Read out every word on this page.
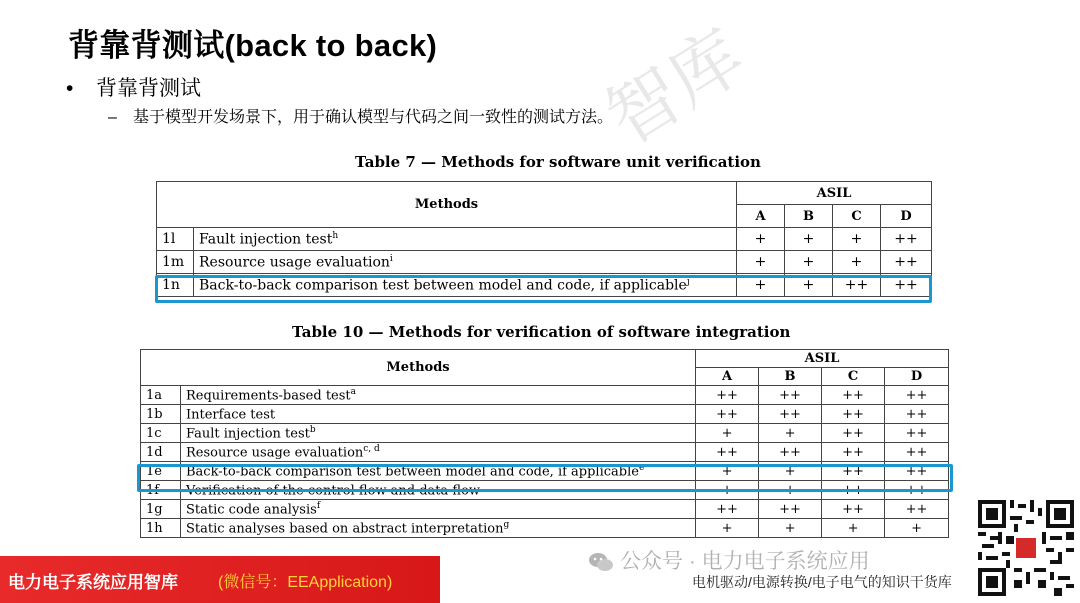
智库
背靠背测试(back to back)
• 背靠背测试
– 基于模型开发场景下，用于确认模型与代码之间一致性的测试方法。
Table 7 — Methods for software unit verification
Methods		ASIL			
		A	B	C	D
1l	Fault injection test$^h$	+	+	+	++
1m	Resource usage evaluation$^i$	+	+	+	++
1n	Back-to-back comparison test between model and code, if applicable$^j$	+	+	++	++
Table 10 — Methods for verification of software integration
Methods		ASIL			
		A	B	C	D
1a	Requirements-based test$^a$	++	++	++	++
1b	Interface test	++	++	++	++
1c	Fault injection test$^b$	+	+	++	++
1d	Resource usage evaluation$^{c, d}$	++	++	++	++
1e	Back-to-back comparison test between model and code, if applicable$^e$	+	+	++	++
1f	Verification of the control flow and data flow	+	+	++	++
1g	Static code analysis$^f$	++	++	++	++
1h	Static analyses based on abstract interpretation$^g$	+	+	+	+
电力电子系统应用智库	(微信号：EEApplication)
公众号 · 电力电子系统应用
电机驱动/电源转换/电子电气的知识干货库
